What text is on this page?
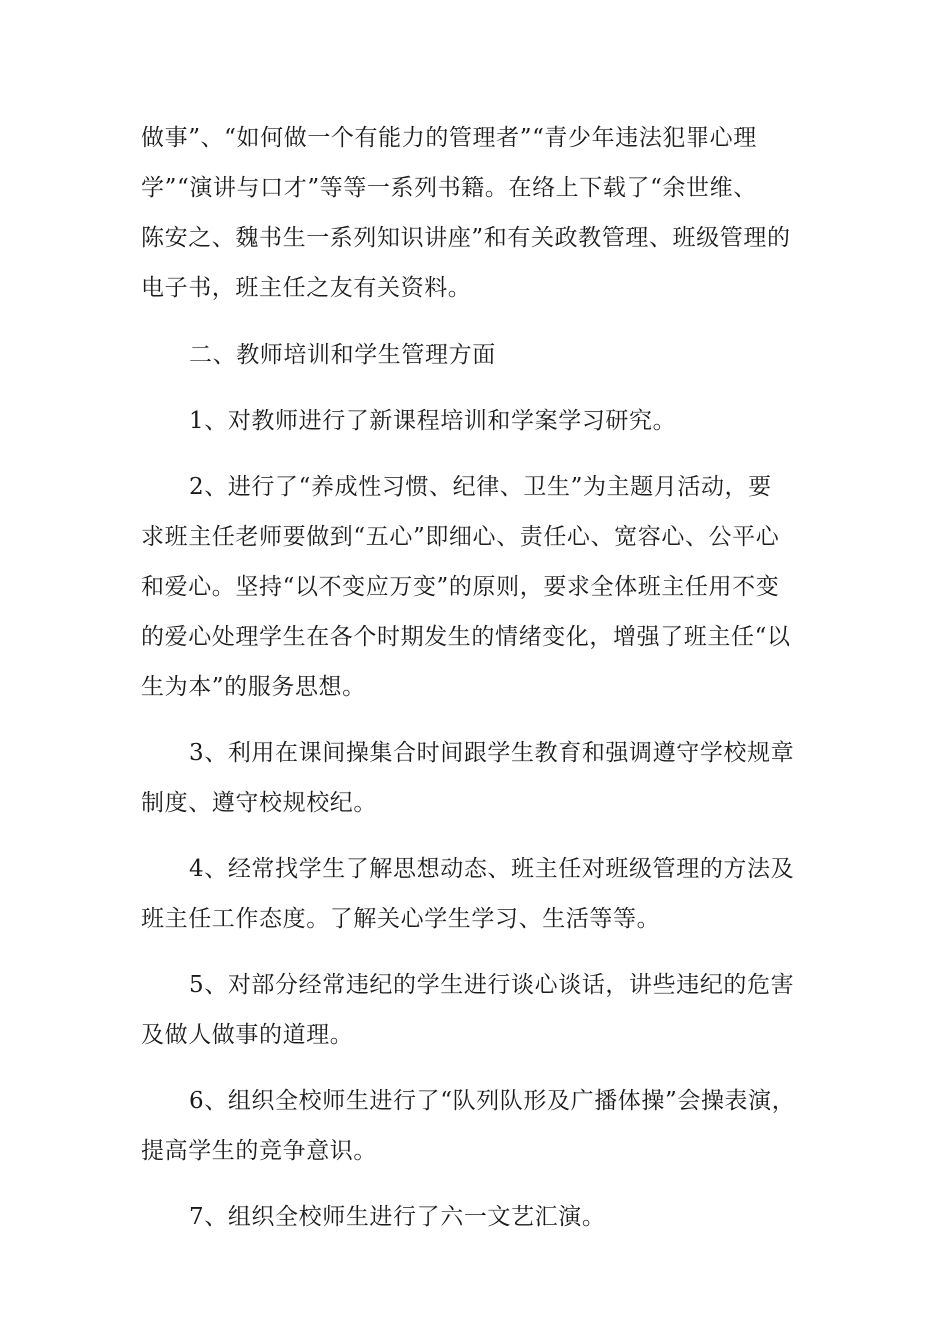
做事”、“如何做一个有能力的管理者”“青少年违法犯罪心理
学”“演讲与口才”等等一系列书籍。在络上下载了“余世维、
陈安之、魏书生一系列知识讲座”和有关政教管理、班级管理的
电子书，班主任之友有关资料。
二、教师培训和学生管理方面
1、对教师进行了新课程培训和学案学习研究。
2、进行了“养成性习惯、纪律、卫生”为主题月活动，要
求班主任老师要做到“五心”即细心、责任心、宽容心、公平心
和爱心。坚持“以不变应万变”的原则，要求全体班主任用不变
的爱心处理学生在各个时期发生的情绪变化，增强了班主任“以
生为本”的服务思想。
3、利用在课间操集合时间跟学生教育和强调遵守学校规章
制度、遵守校规校纪。
4、经常找学生了解思想动态、班主任对班级管理的方法及
班主任工作态度。了解关心学生学习、生活等等。
5、对部分经常违纪的学生进行谈心谈话，讲些违纪的危害
及做人做事的道理。
6、组织全校师生进行了“队列队形及广播体操”会操表演，
提高学生的竞争意识。
7、组织全校师生进行了六一文艺汇演。
